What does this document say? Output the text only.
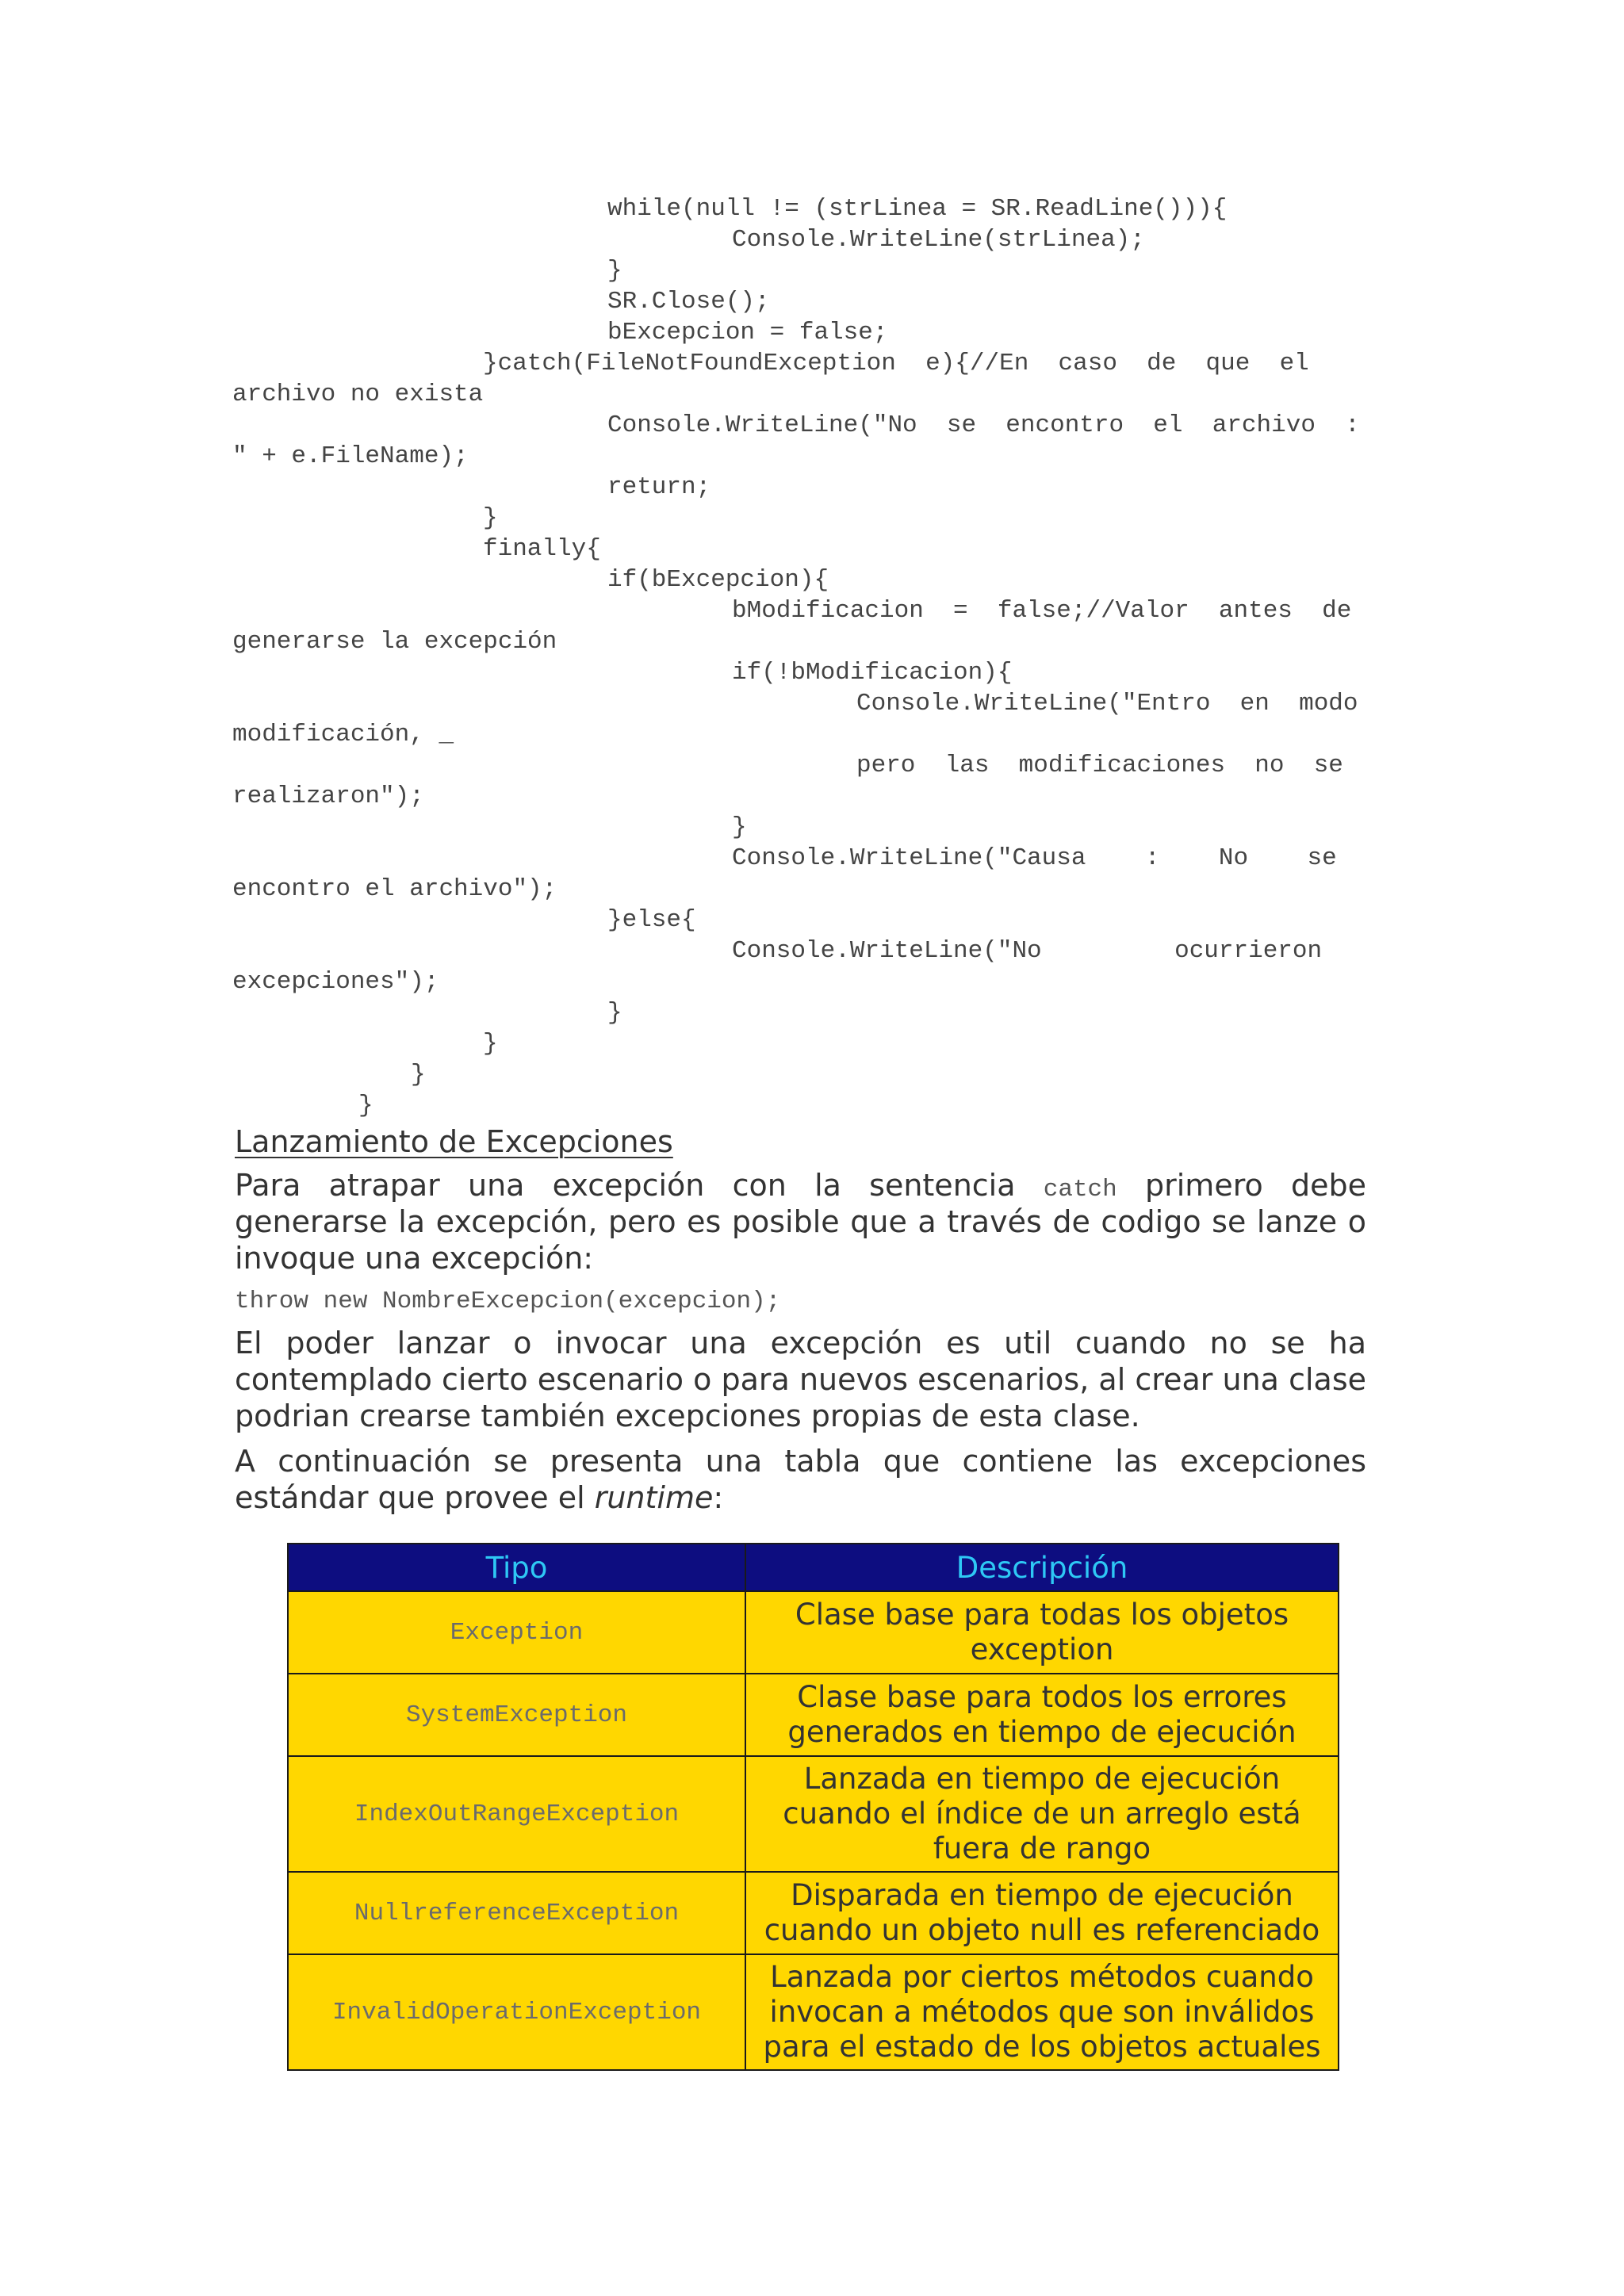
while(null != (strLinea = SR.ReadLine())){
Console.WriteLine(strLinea);
}
SR.Close();
bExcepcion = false;
}catch(FileNotFoundException  e){//En  caso  de  que  el
archivo no exista
Console.WriteLine("No  se  encontro  el  archivo  :
" + e.FileName);
return;
}
finally{
if(bExcepcion){
bModificacion  =  false;//Valor  antes  de
generarse la excepción
if(!bModificacion){
Console.WriteLine("Entro  en  modo
modificación, _
pero  las  modificaciones  no  se
realizaron");
}
Console.WriteLine("Causa    :    No    se
encontro el archivo");
}else{
Console.WriteLine("No         ocurrieron
excepciones");
}
}
}
}
Lanzamiento de Excepciones
Para atrapar una excepción con la sentencia catch primero debe
generarse la excepción, pero es posible que a través de codigo se lanze o
invoque una excepción:
throw new NombreExcepcion(excepcion);
El poder lanzar o invocar una excepción es util cuando no se ha
contemplado cierto escenario o para nuevos escenarios, al crear una clase
podrian crearse también excepciones propias de esta clase.
A continuación se presenta una tabla que contiene las excepciones
estándar que provee el runtime:
Tipo	Descripción
Exception	Clase base para todas los objetos
exception

SystemException	Clase base para todos los errores
generados en tiempo de ejecución

IndexOutRangeException	Lanzada en tiempo de ejecución
cuando el índice de un arreglo está
fuera de rango

NullreferenceException	Disparada en tiempo de ejecución
cuando un objeto null es referenciado

InvalidOperationException	Lanzada por ciertos métodos cuando
invocan a métodos que son inválidos
para el estado de los objetos actuales
